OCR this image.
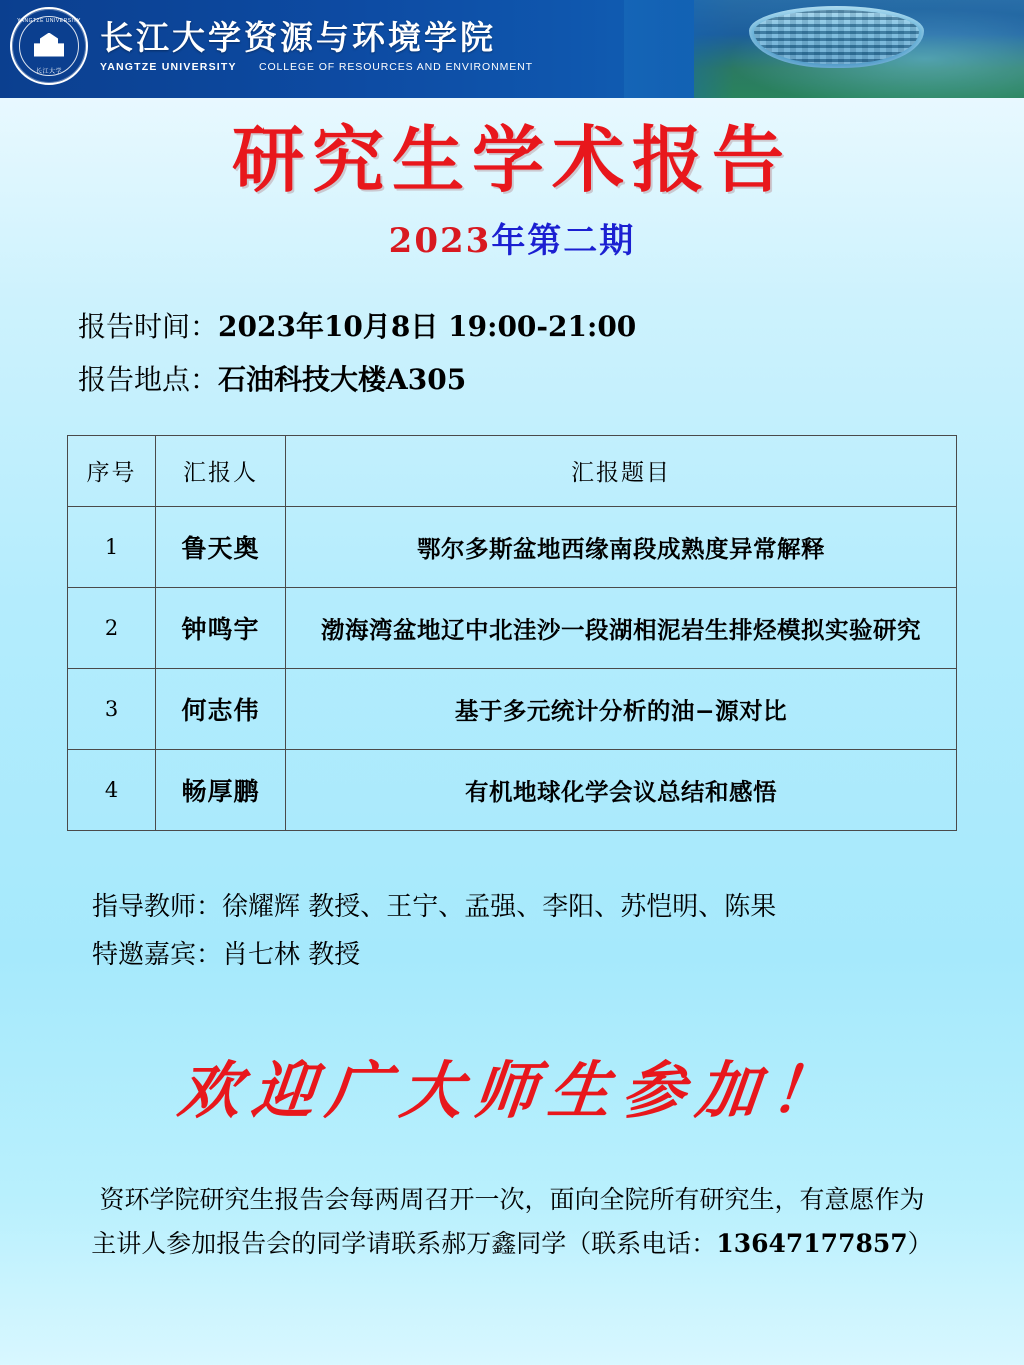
YANGTZE UNIVERSITY
长江大学
长江大学资源与环境学院
YANGTZE UNIVERSITY COLLEGE OF RESOURCES AND ENVIRONMENT
研究生学术报告
2023年第二期
报告时间：2023年10月8日 19:00-21:00
报告地点：石油科技大楼A305
序号	汇报人	汇报题目
1	鲁天奥	鄂尔多斯盆地西缘南段成熟度异常解释
2	钟鸣宇	渤海湾盆地辽中北洼沙一段湖相泥岩生排烃模拟实验研究
3	何志伟	基于多元统计分析的油−源对比
4	畅厚鹏	有机地球化学会议总结和感悟
指导教师：徐耀辉 教授、王宁、孟强、李阳、苏恺明、陈果
特邀嘉宾：肖七林 教授
欢迎广大师生参加！
资环学院研究生报告会每两周召开一次，面向全院所有研究生，有意愿作为
主讲人参加报告会的同学请联系郝万鑫同学（联系电话：13647177857）
